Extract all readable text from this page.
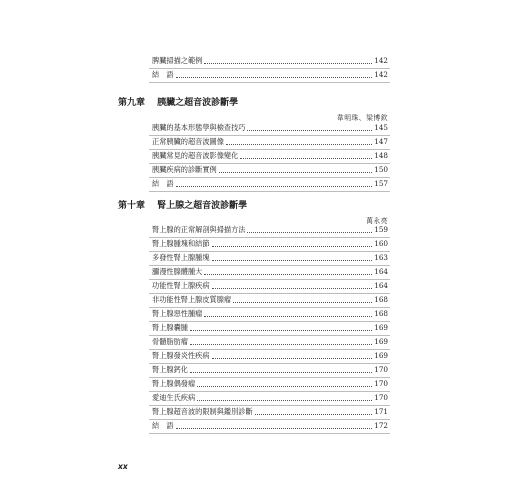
脾臟掃描之範例	142
結　語	142
第九章 胰臟之超音波診斷學
韋明珠、梁博欽
胰臟的基本形態學與檢查技巧	145
正常胰臟的超音波圖像	147
胰臟常見的超音波影像變化	148
胰臟疾病的診斷實例	150
結　語	157
第十章 腎上腺之超音波診斷學
萬永亮
腎上腺的正常解剖與掃描方法	159
腎上腺腫塊和結節	160
多發性腎上腺腫塊	163
瀰漫性腺體腫大	164
功能性腎上腺疾病	164
非功能性腎上腺皮質腺瘤	168
腎上腺惡性腫瘤	168
腎上腺囊腫	169
骨髓脂肪瘤	169
腎上腺發炎性疾病	169
腎上腺鈣化	170
腎上腺偶發瘤	170
愛迪生氏疾病	170
腎上腺超音波的限制與鑑別診斷	171
結　語	172
xx
